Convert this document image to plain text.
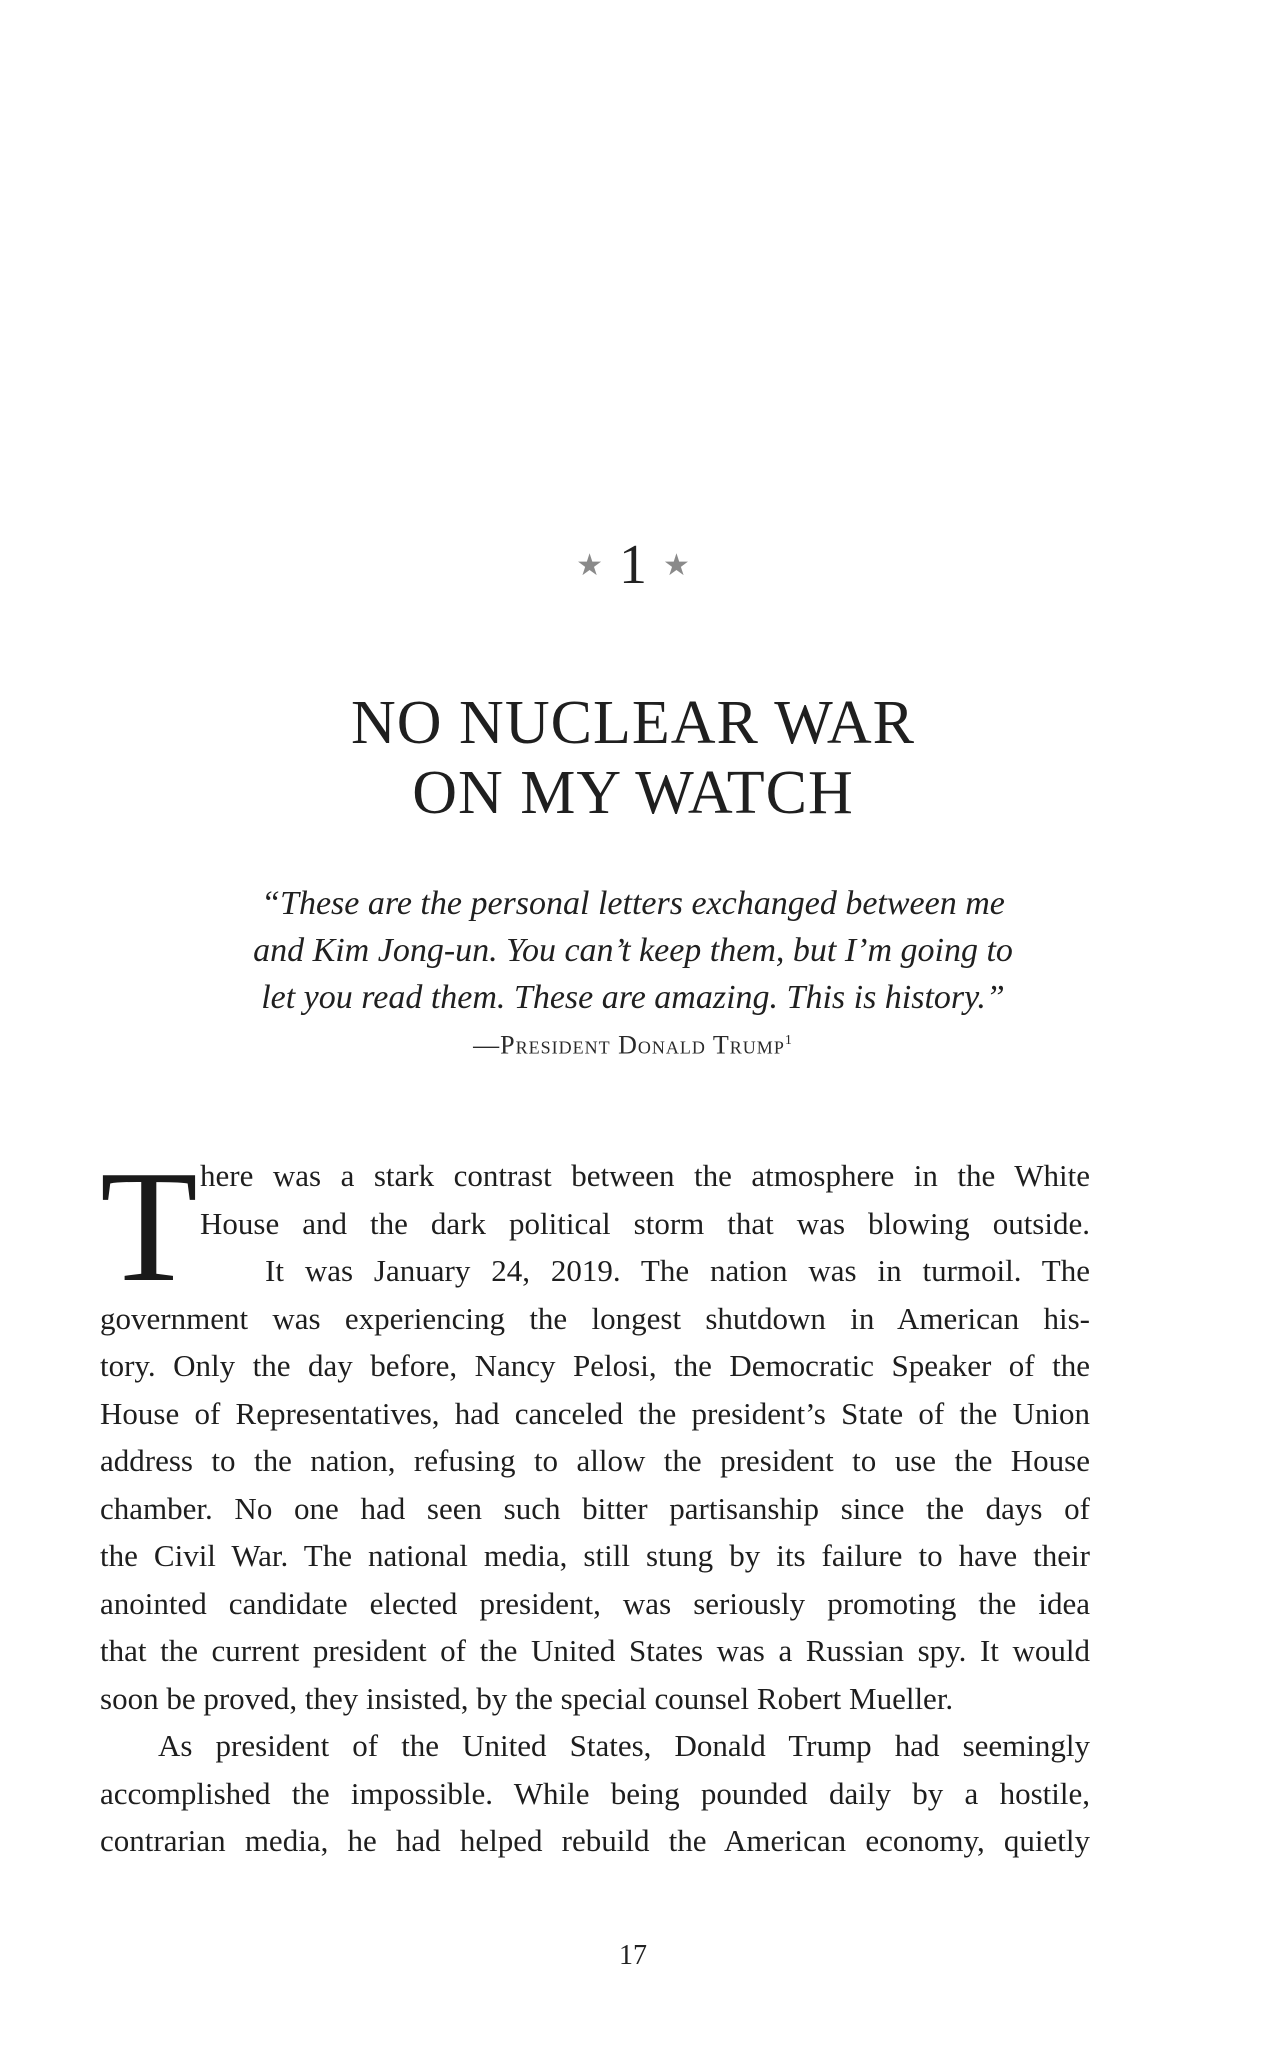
★ 1 ★
NO NUCLEAR WAR
ON MY WATCH
“These are the personal letters exchanged between me
and Kim Jong-un. You can’t keep them, but I’m going to
let you read them. These are amazing. This is history.”
—President Donald Trump$^1$
T here was a stark contrast between the atmosphere in the White
House and the dark political storm that was blowing outside.
It was January 24, 2019. The nation was in turmoil. The
government was experiencing the longest shutdown in American his-
tory. Only the day before, Nancy Pelosi, the Democratic Speaker of the
House of Representatives, had canceled the president’s State of the Union
address to the nation, refusing to allow the president to use the House
chamber. No one had seen such bitter partisanship since the days of
the Civil War. The national media, still stung by its failure to have their
anointed candidate elected president, was seriously promoting the idea
that the current president of the United States was a Russian spy. It would
soon be proved, they insisted, by the special counsel Robert Mueller.
As president of the United States, Donald Trump had seemingly
accomplished the impossible. While being pounded daily by a hostile,
contrarian media, he had helped rebuild the American economy, quietly
17
